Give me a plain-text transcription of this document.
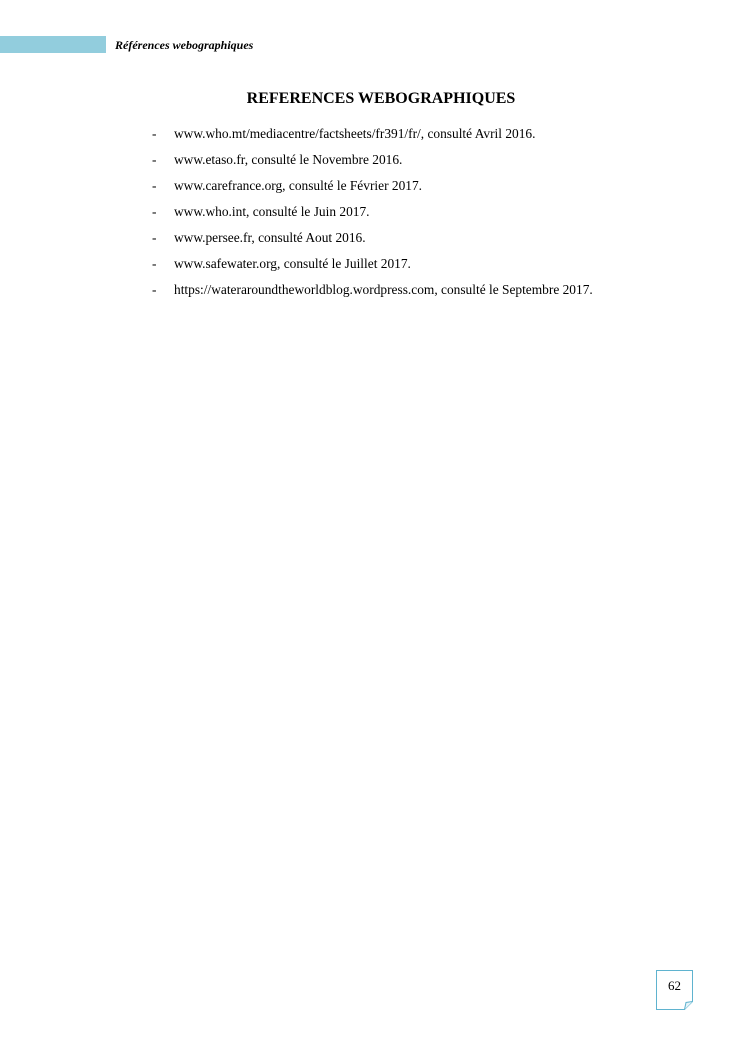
Références webographiques
REFERENCES WEBOGRAPHIQUES
- www.who.mt/mediacentre/factsheets/fr391/fr/, consulté Avril 2016.
- www.etaso.fr, consulté le Novembre 2016.
- www.carefrance.org, consulté le Février 2017.
- www.who.int, consulté le Juin 2017.
- www.persee.fr, consulté Aout 2016.
- www.safewater.org, consulté le Juillet 2017.
- https://wateraroundtheworldblog.wordpress.com, consulté le Septembre 2017.
62
